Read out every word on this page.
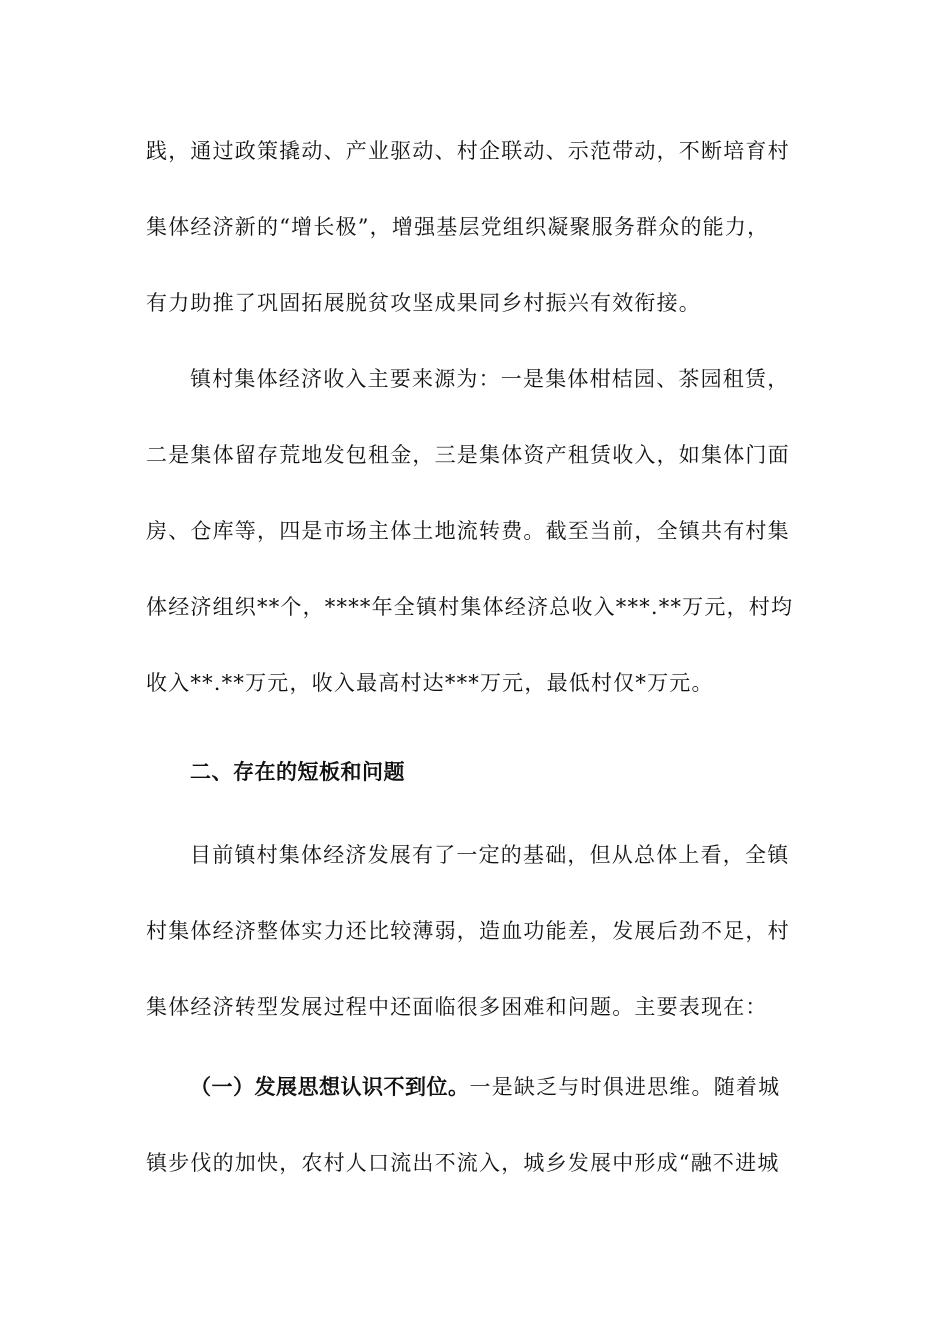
践，通过政策撬动、产业驱动、村企联动、示范带动，不断培育村
集体经济新的“增长极”，增强基层党组织凝聚服务群众的能力，
有力助推了巩固拓展脱贫攻坚成果同乡村振兴有效衔接。
镇村集体经济收入主要来源为：一是集体柑桔园、茶园租赁，
二是集体留存荒地发包租金，三是集体资产租赁收入，如集体门面
房、仓库等，四是市场主体土地流转费。截至当前，全镇共有村集
体经济组织**个，****年全镇村集体经济总收入***.**万元，村均
收入**.**万元，收入最高村达***万元，最低村仅*万元。
二、存在的短板和问题
目前镇村集体经济发展有了一定的基础，但从总体上看，全镇
村集体经济整体实力还比较薄弱，造血功能差，发展后劲不足，村
集体经济转型发展过程中还面临很多困难和问题。主要表现在：
（一）发展思想认识不到位。一是缺乏与时俱进思维。随着城
镇步伐的加快，农村人口流出不流入，城乡发展中形成“融不进城
